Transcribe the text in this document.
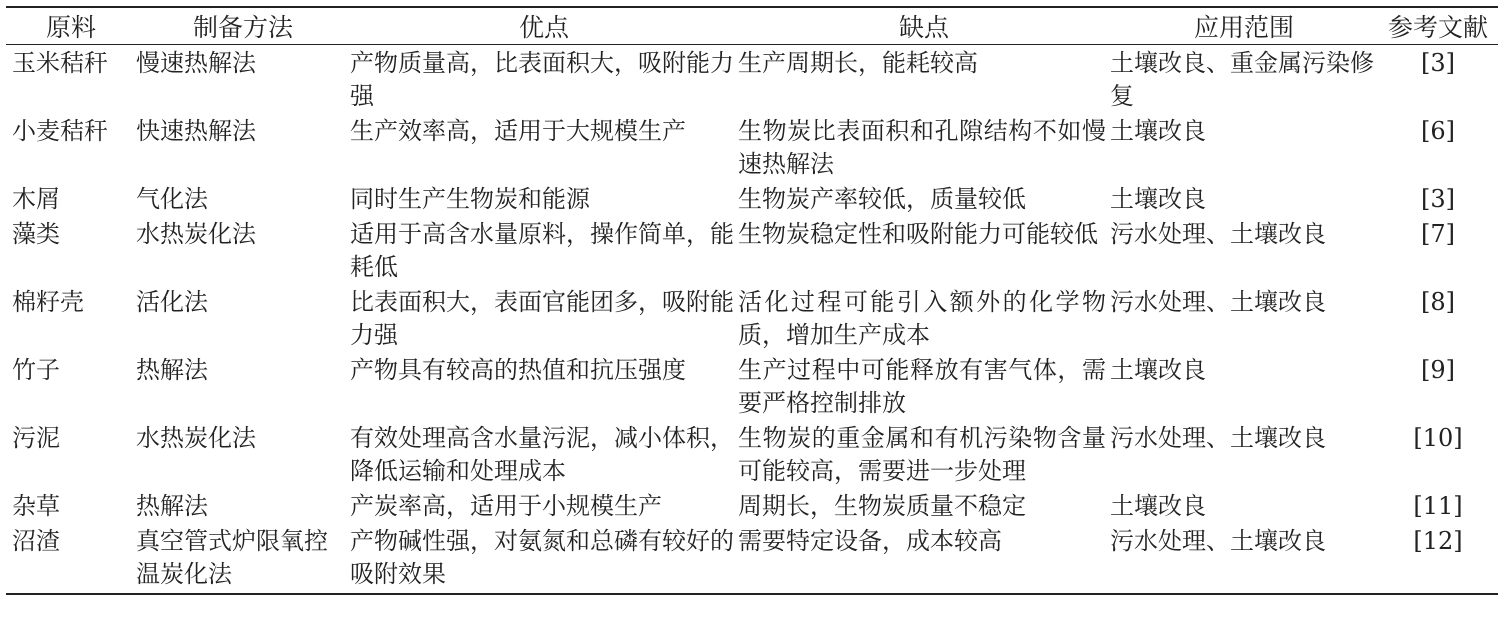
原料	制备方法	优点	缺点	应用范围	参考文献
玉米秸秆	慢速热解法	产物质量高，比表面积大，吸附能力强	生产周期长，能耗较高	土壤改良、重金属污染修复	[3]
小麦秸秆	快速热解法	生产效率高，适用于大规模生产	生物炭比表面积和孔隙结构不如慢速热解法	土壤改良	[6]
木屑	气化法	同时生产生物炭和能源	生物炭产率较低，质量较低	土壤改良	[3]
藻类	水热炭化法	适用于高含水量原料，操作简单，能耗低	生物炭稳定性和吸附能力可能较低	污水处理、土壤改良	[7]
棉籽壳	活化法	比表面积大，表面官能团多，吸附能力强	活化过程可能引入额外的化学物质，增加生产成本	污水处理、土壤改良	[8]
竹子	热解法	产物具有较高的热值和抗压强度	生产过程中可能释放有害气体，需要严格控制排放	土壤改良	[9]
污泥	水热炭化法	有效处理高含水量污泥，减小体积，降低运输和处理成本	生物炭的重金属和有机污染物含量可能较高，需要进一步处理	污水处理、土壤改良	[10]
杂草	热解法	产炭率高，适用于小规模生产	周期长，生物炭质量不稳定	土壤改良	[11]
沼渣	真空管式炉限氧控温炭化法	产物碱性强，对氨氮和总磷有较好的吸附效果	需要特定设备，成本较高	污水处理、土壤改良	[12]
